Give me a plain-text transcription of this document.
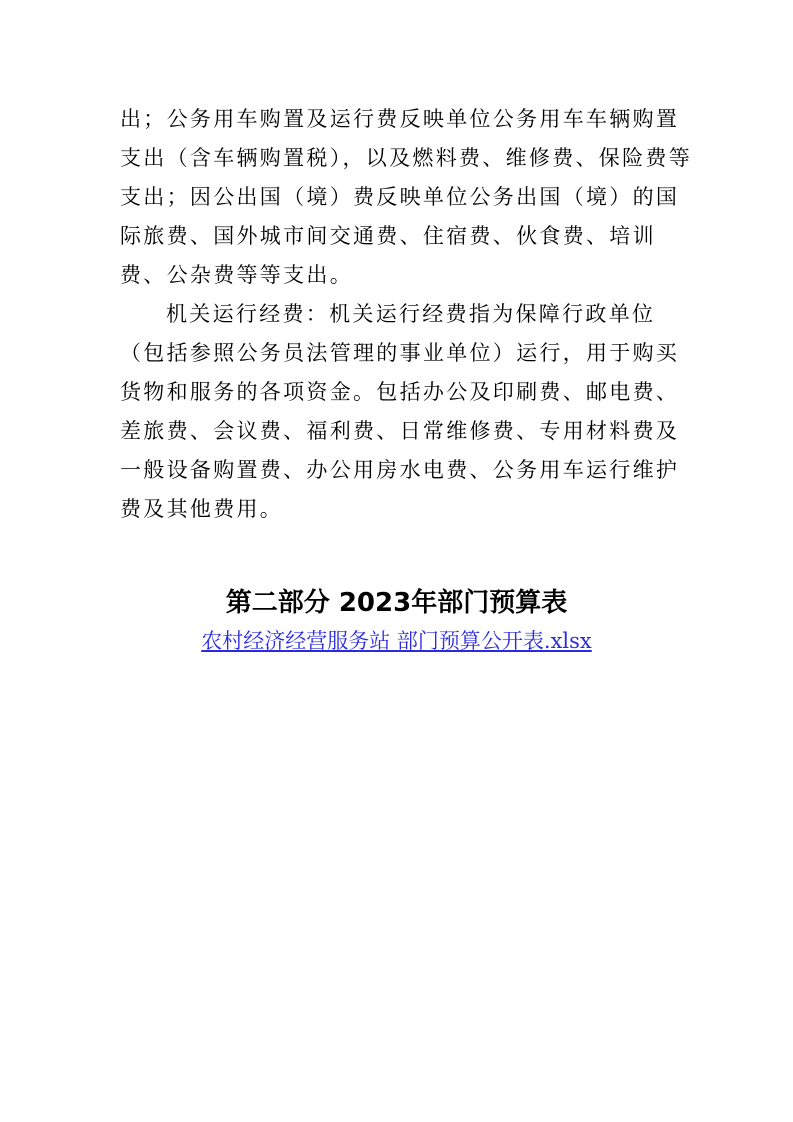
出；公务用车购置及运行费反映单位公务用车车辆购置支出（含车辆购置税），以及燃料费、维修费、保险费等支出；因公出国（境）费反映单位公务出国（境）的国际旅费、国外城市间交通费、住宿费、伙食费、培训费、公杂费等等支出。

机关运行经费：机关运行经费指为保障行政单位（包括参照公务员法管理的事业单位）运行，用于购买货物和服务的各项资金。包括办公及印刷费、邮电费、差旅费、会议费、福利费、日常维修费、专用材料费及一般设备购置费、办公用房水电费、公务用车运行维护费及其他费用。

第二部分 2023年部门预算表
农村经济经营服务站 部门预算公开表.xlsx
